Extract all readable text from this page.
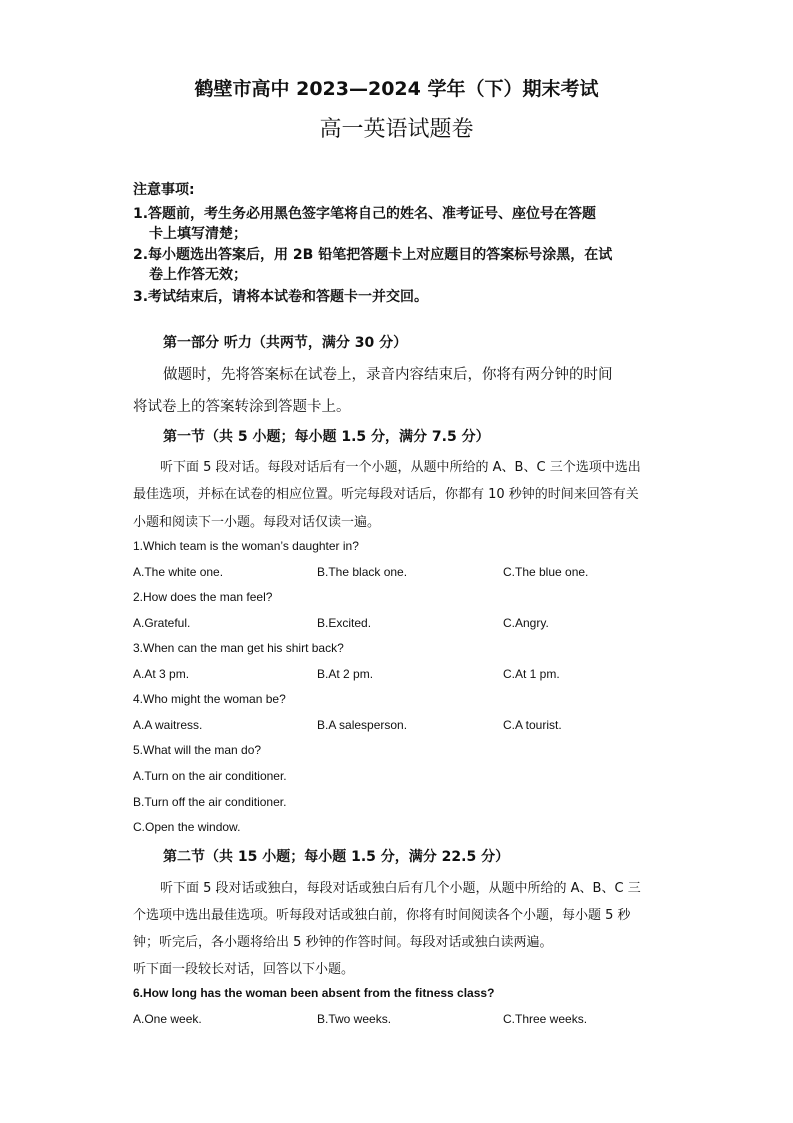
鹤壁市高中 2023—2024 学年（下）期末考试
高一英语试题卷
注意事项:
1.答题前，考生务必用黑色签字笔将自己的姓名、准考证号、座位号在答题
卡上填写清楚；
2.每小题选出答案后，用 2B 铅笔把答题卡上对应题目的答案标号涂黑，在试
卷上作答无效；
3.考试结束后，请将本试卷和答题卡一并交回。
第一部分 听力（共两节，满分 30 分）
做题时，先将答案标在试卷上，录音内容结束后，你将有两分钟的时间
将试卷上的答案转涂到答题卡上。
第一节（共 5 小题；每小题 1.5 分，满分 7.5 分）
听下面 5 段对话。每段对话后有一个小题，从题中所给的 A、B、C 三个选项中选出
最佳选项，并标在试卷的相应位置。听完每段对话后，你都有 10 秒钟的时间来回答有关
小题和阅读下一小题。每段对话仅读一遍。
1.Which team is the woman’s daughter in?
A.The white one.	B.The black one.	C.The blue one.
2.How does the man feel?
A.Grateful.	B.Excited.	C.Angry.
3.When can the man get his shirt back?
A.At 3 pm.	B.At 2 pm.	C.At 1 pm.
4.Who might the woman be?
A.A waitress.	B.A salesperson.	C.A tourist.
5.What will the man do?
A.Turn on the air conditioner.
B.Turn off the air conditioner.
C.Open the window.
第二节（共 15 小题；每小题 1.5 分，满分 22.5 分）
听下面 5 段对话或独白，每段对话或独白后有几个小题，从题中所给的 A、B、C 三
个选项中选出最佳选项。听每段对话或独白前，你将有时间阅读各个小题，每小题 5 秒
钟；听完后，各小题将给出 5 秒钟的作答时间。每段对话或独白读两遍。
听下面一段较长对话，回答以下小题。
6.How long has the woman been absent from the fitness class?
A.One week.	B.Two weeks.	C.Three weeks.
